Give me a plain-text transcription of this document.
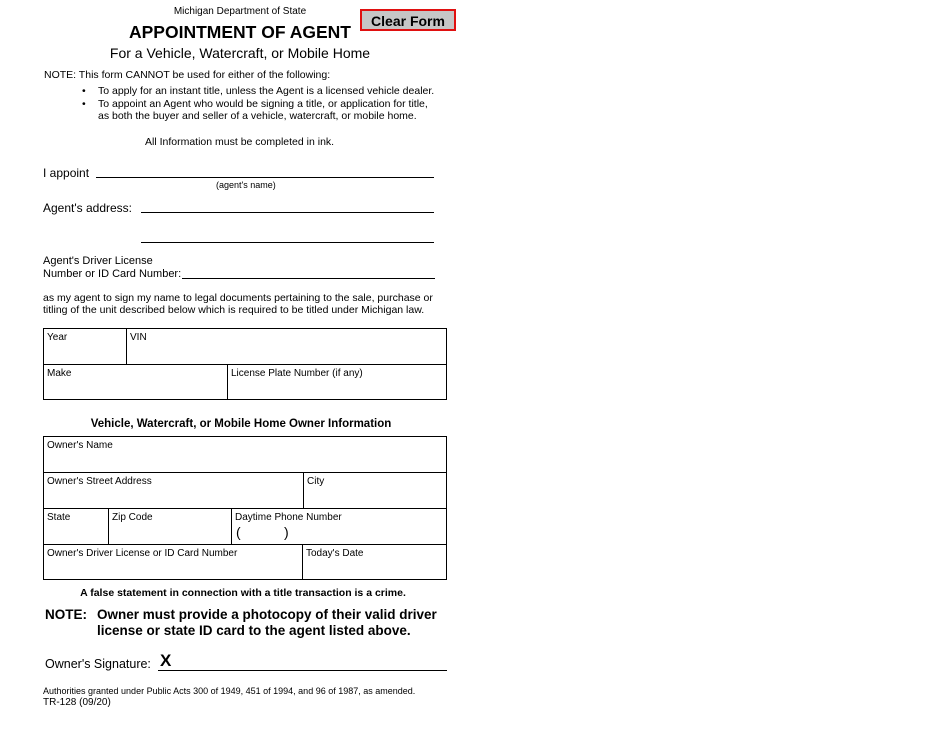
Michigan Department of State
APPOINTMENT OF AGENT
For a Vehicle, Watercraft, or Mobile Home
Clear Form
NOTE: This form CANNOT be used for either of the following:
• To apply for an instant title, unless the Agent is a licensed vehicle dealer.
• To appoint an Agent who would be signing a title, or application for title,
as both the buyer and seller of a vehicle, watercraft, or mobile home.
All Information must be completed in ink.
I appoint
(agent's name)
Agent's address:
Agent's Driver License
Number or ID Card Number:
as my agent to sign my name to legal documents pertaining to the sale, purchase or
titling of the unit described below which is required to be titled under Michigan law.
Year	VIN
Make	License Plate Number (if any)
Vehicle, Watercraft, or Mobile Home Owner Information
Owner's Name
Owner's Street Address	City
State	Zip Code	Daytime Phone Number
(	)
Owner's Driver License or ID Card Number	Today's Date
A false statement in connection with a title transaction is a crime.
NOTE: Owner must provide a photocopy of their valid driver
license or state ID card to the agent listed above.
Owner's Signature: X
Authorities granted under Public Acts 300 of 1949, 451 of 1994, and 96 of 1987, as amended.
TR-128 (09/20)
